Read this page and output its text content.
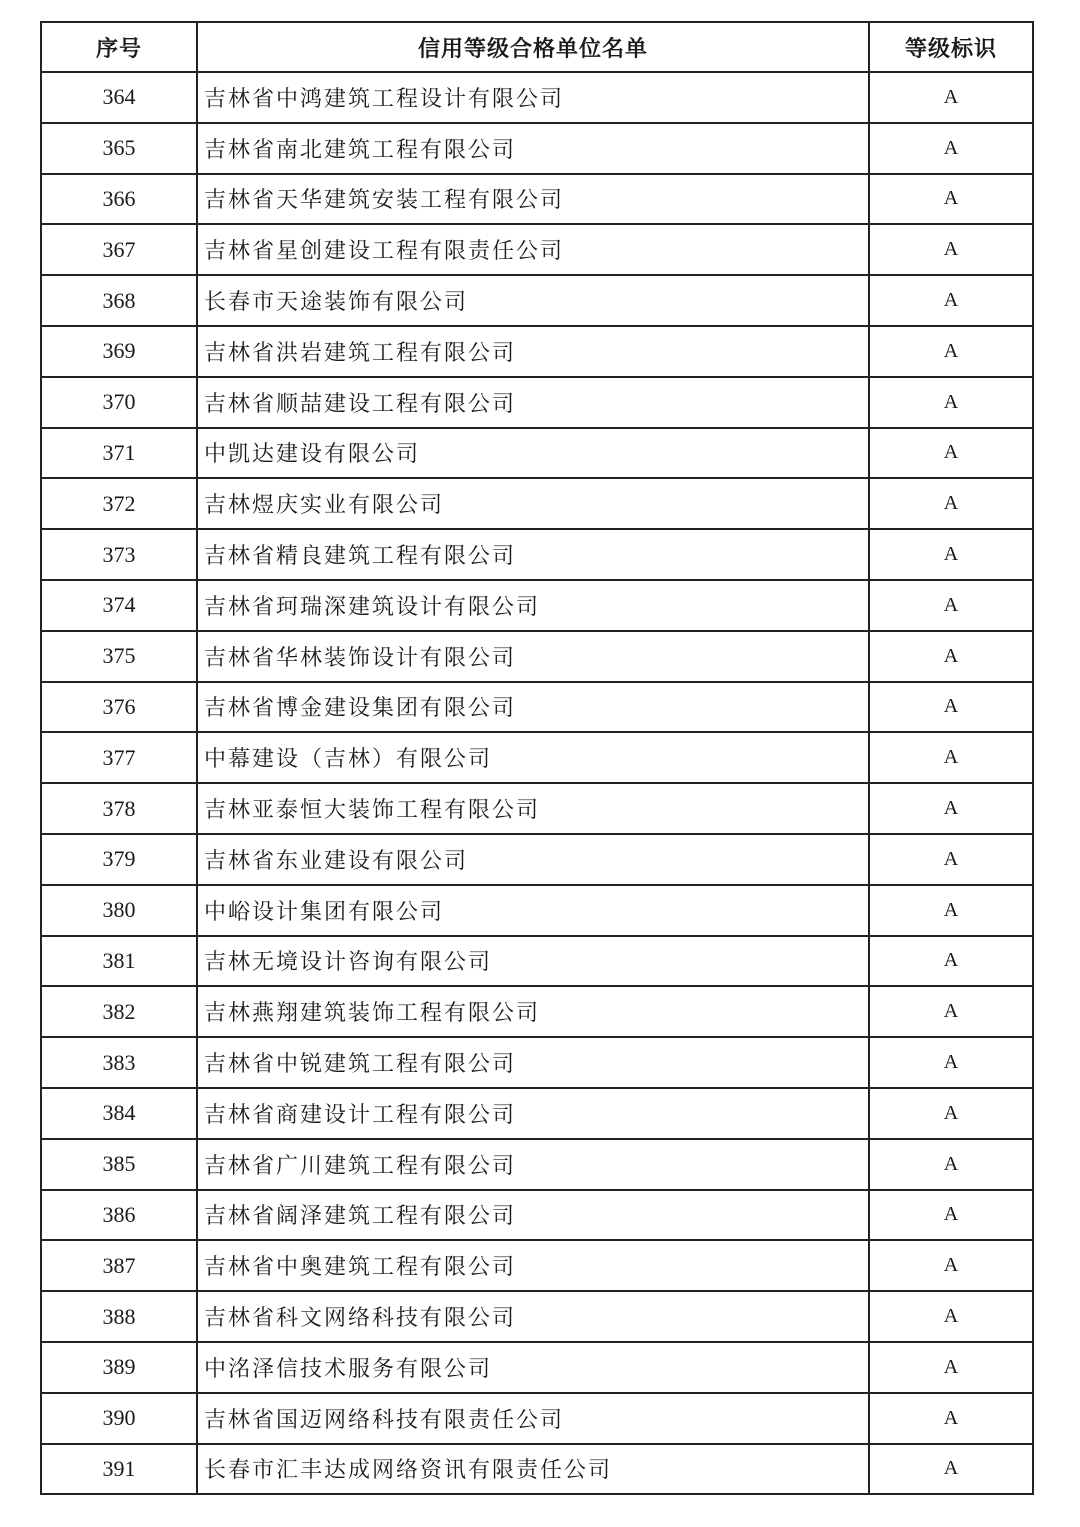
序号	信用等级合格单位名单	等级标识
364	吉林省中鸿建筑工程设计有限公司	A
365	吉林省南北建筑工程有限公司	A
366	吉林省天华建筑安装工程有限公司	A
367	吉林省星创建设工程有限责任公司	A
368	长春市天途装饰有限公司	A
369	吉林省洪岩建筑工程有限公司	A
370	吉林省顺喆建设工程有限公司	A
371	中凯达建设有限公司	A
372	吉林煜庆实业有限公司	A
373	吉林省精良建筑工程有限公司	A
374	吉林省珂瑞深建筑设计有限公司	A
375	吉林省华林装饰设计有限公司	A
376	吉林省博金建设集团有限公司	A
377	中幕建设（吉林）有限公司	A
378	吉林亚泰恒大装饰工程有限公司	A
379	吉林省东业建设有限公司	A
380	中峪设计集团有限公司	A
381	吉林无境设计咨询有限公司	A
382	吉林燕翔建筑装饰工程有限公司	A
383	吉林省中锐建筑工程有限公司	A
384	吉林省商建设计工程有限公司	A
385	吉林省广川建筑工程有限公司	A
386	吉林省阔泽建筑工程有限公司	A
387	吉林省中奥建筑工程有限公司	A
388	吉林省科文网络科技有限公司	A
389	中洺泽信技术服务有限公司	A
390	吉林省国迈网络科技有限责任公司	A
391	长春市汇丰达成网络资讯有限责任公司	A
